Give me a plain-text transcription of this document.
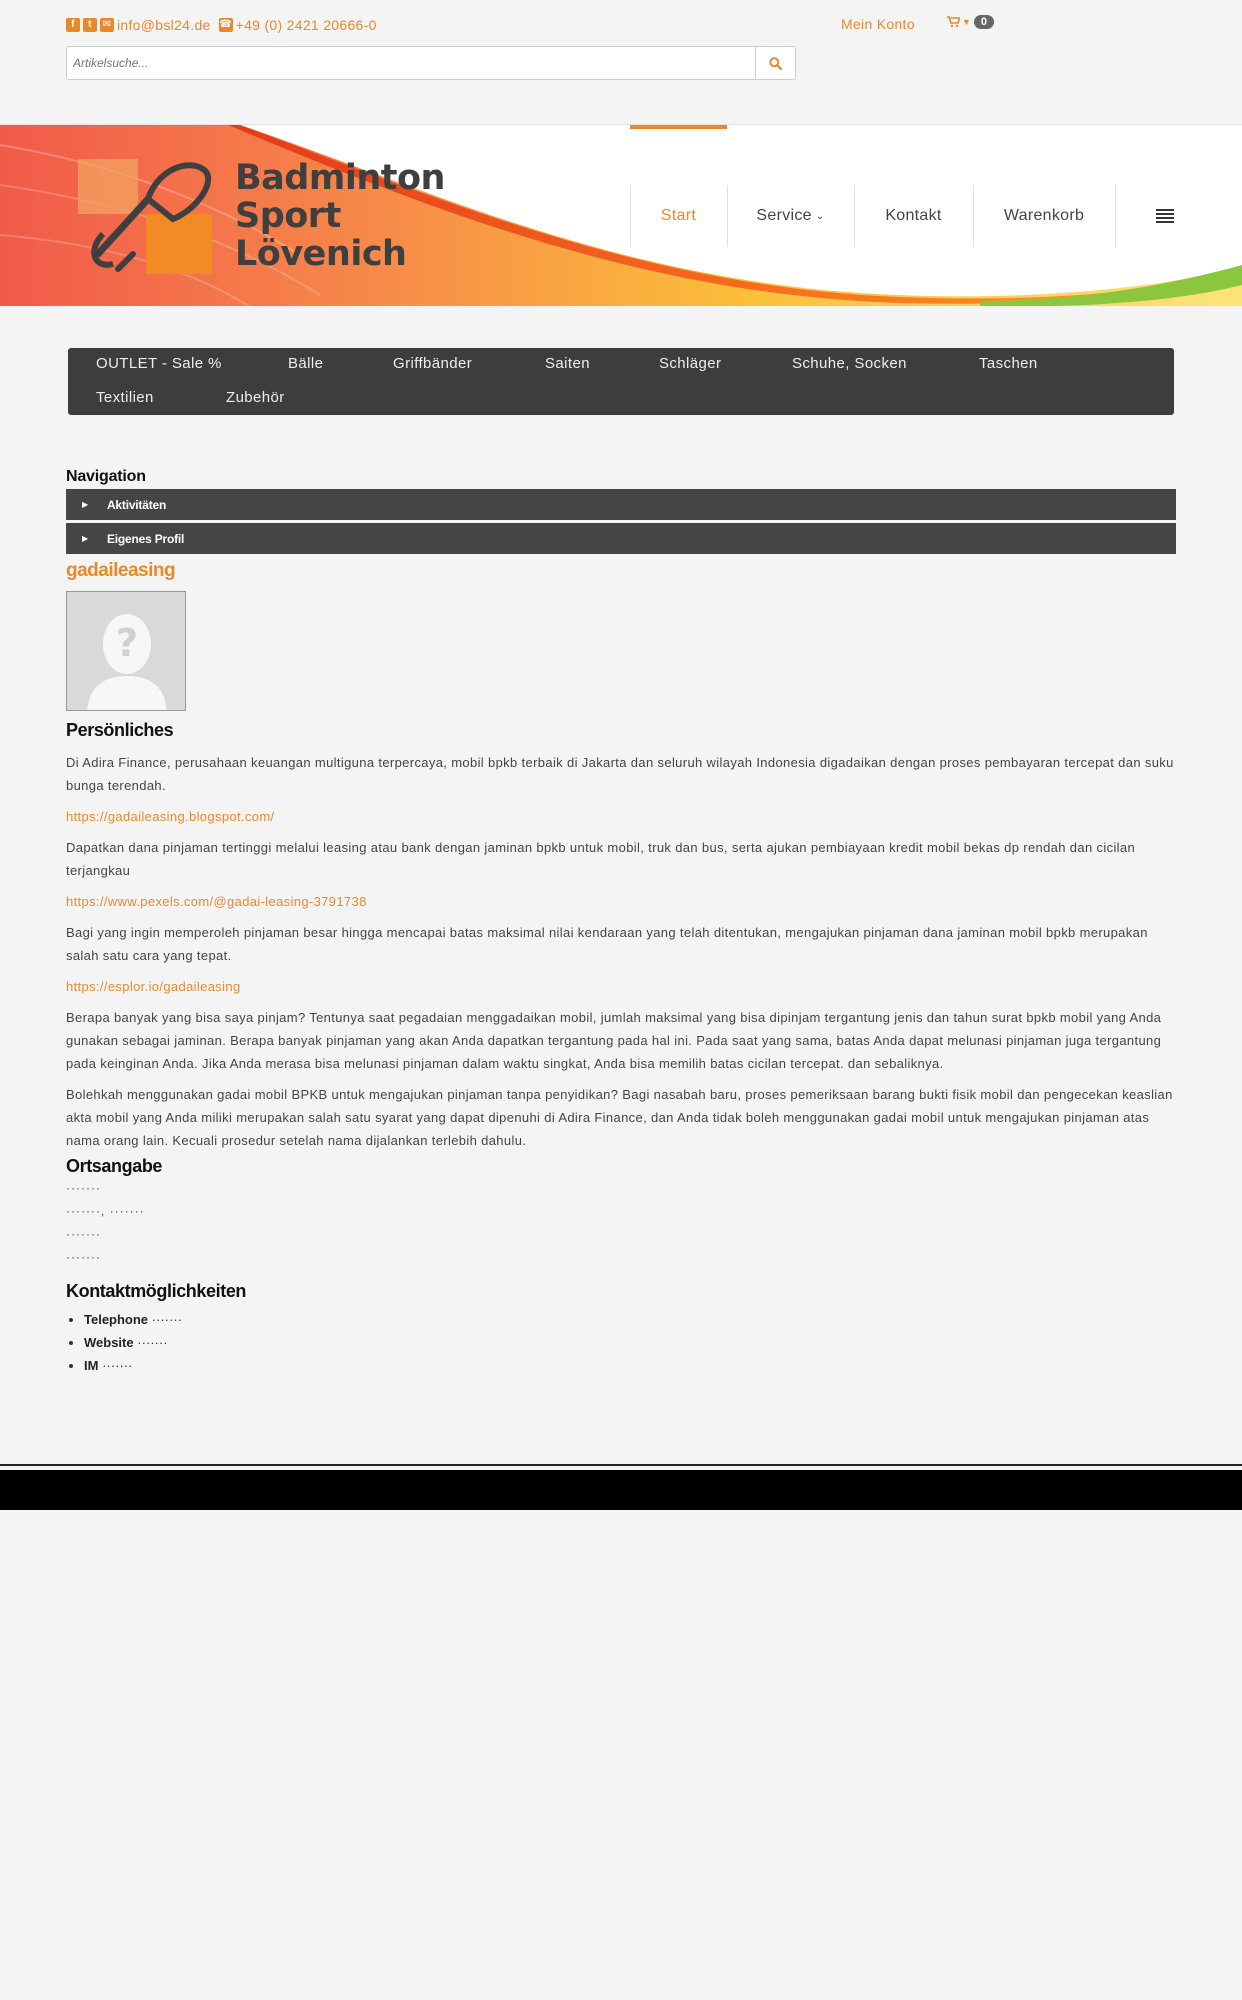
f	t	✉ info@bsl24.de ☎ +49 (0) 2421 20666-0	Mein Konto	▼ 0
Artikelsuche...
Badminton
Sport
Lövenich
Start	Service ⌄	Kontakt	Warenkorb
OUTLET - Sale %	Bälle	Griffbänder	Saiten	Schläger	Schuhe, Socken	Taschen
Textilien	Zubehör
Navigation
▶ Aktivitäten
▶ Eigenes Profil
gadaileasing
?
Persönliches

Di Adira Finance, perusahaan keuangan multiguna terpercaya, mobil bpkb terbaik di Jakarta dan seluruh wilayah Indonesia digadaikan dengan proses pembayaran tercepat dan suku bunga terendah.

https://gadaileasing.blogspot.com/

Dapatkan dana pinjaman tertinggi melalui leasing atau bank dengan jaminan bpkb untuk mobil, truk dan bus, serta ajukan pembiayaan kredit mobil bekas dp rendah dan cicilan terjangkau

https://www.pexels.com/@gadai-leasing-3791738

Bagi yang ingin memperoleh pinjaman besar hingga mencapai batas maksimal nilai kendaraan yang telah ditentukan, mengajukan pinjaman dana jaminan mobil bpkb merupakan salah satu cara yang tepat.

https://esplor.io/gadaileasing

Berapa banyak yang bisa saya pinjam? Tentunya saat pegadaian menggadaikan mobil, jumlah maksimal yang bisa dipinjam tergantung jenis dan tahun surat bpkb mobil yang Anda gunakan sebagai jaminan. Berapa banyak pinjaman yang akan Anda dapatkan tergantung pada hal ini. Pada saat yang sama, batas Anda dapat melunasi pinjaman juga tergantung pada keinginan Anda. Jika Anda merasa bisa melunasi pinjaman dalam waktu singkat, Anda bisa memilih batas cicilan tercepat. dan sebaliknya.

Bolehkah menggunakan gadai mobil BPKB untuk mengajukan pinjaman tanpa penyidikan? Bagi nasabah baru, proses pemeriksaan barang bukti fisik mobil dan pengecekan keaslian akta mobil yang Anda miliki merupakan salah satu syarat yang dapat dipenuhi di Adira Finance, dan Anda tidak boleh menggunakan gadai mobil untuk mengajukan pinjaman atas nama orang lain. Kecuali prosedur setelah nama dijalankan terlebih dahulu.

Ortsangabe
·······
·······, ·······
·······
·······
Kontaktmöglichkeiten
• Telephone ·······
• Website ·······
• IM ·······
